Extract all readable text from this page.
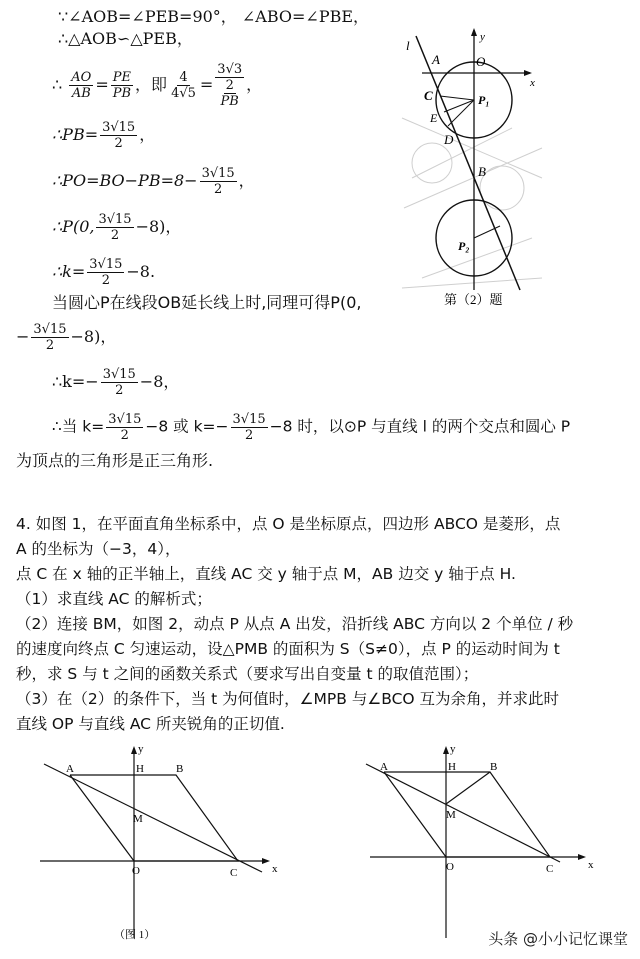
∵∠AOB=∠PEB=90°， ∠ABO=∠PBE，
∴△AOB∽△PEB，
∴ $\frac{AO}{AB} = \frac{PE}{PB}$ ，即 $\frac{4}{4√5} = 3√3$
2
PB ，
∴PB= $\frac{3√15}{2}$ ，
∴PO=BO−PB=8− $\frac{3√15}{2}$ ，
∴P(0, $\frac{3√15}{2} -8$)，
∴k= $\frac{3√15}{2} -8$.
当圆心P在线段OB延长线上时,同理可得P(0,
− $\frac{3√15}{2} -8$)，
∴k=− $\frac{3√15}{2} -8$，
∴当 $k= \frac{3√15}{2} -8$ 或 $k=- \frac{3√15}{2} -8$ 时，以⊙P 与直线 l 的两个交点和圆心 P
为顶点的三角形是正三角形.
l
A	O
y
x
C	P₁
E
D
B
P₂
第（2）题
4. 如图 1，在平面直角坐标系中，点 O 是坐标原点，四边形 ABCO 是菱形，点
A 的坐标为（−3，4），
点 C 在 x 轴的正半轴上，直线 AC 交 y 轴于点 M，AB 边交 y 轴于点 H.
（1）求直线 AC 的解析式；
（2）连接 BM，如图 2，动点 P 从点 A 出发，沿折线 ABC 方向以 2 个单位 / 秒
的速度向终点 C 匀速运动，设△PMB 的面积为 S（S≠0），点 P 的运动时间为 t
秒，求 S 与 t 之间的函数关系式（要求写出自变量 t 的取值范围）；
（3）在（2）的条件下，当 t 为何值时，∠MPB 与∠BCO 互为余角，并求此时
直线 OP 与直线 AC 所夹锐角的正切值.
A	H	B
M
O	C	x
y
（图 1）
A	H	B
M
O	C	x
y
头条 @小小记忆课堂
